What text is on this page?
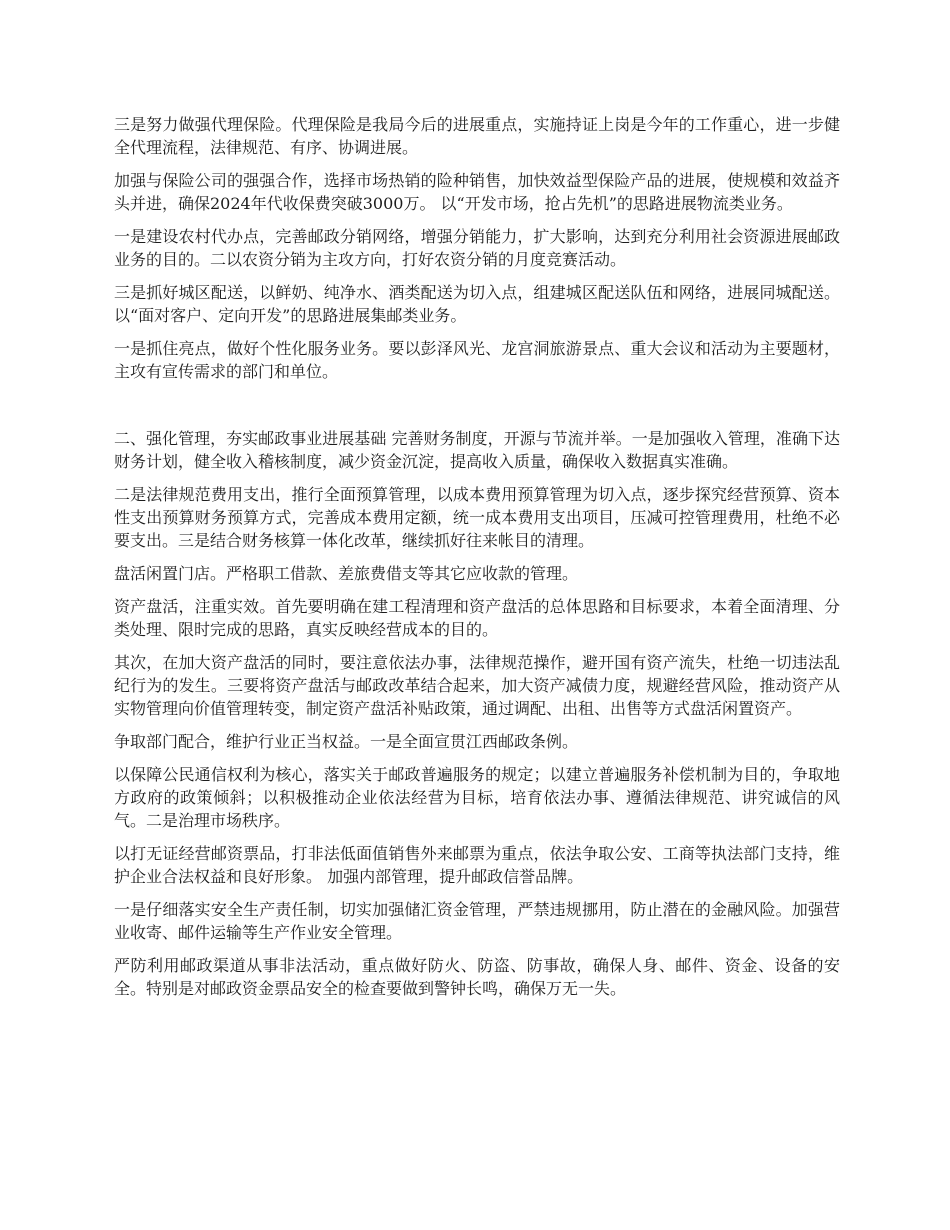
三是努力做强代理保险。代理保险是我局今后的进展重点，实施持证上岗是今年的工作重心，进一步健全代理流程，法律规范、有序、协调进展。

加强与保险公司的强强合作，选择市场热销的险种销售，加快效益型保险产品的进展，使规模和效益齐头并进，确保2024年代收保费突破3000万。 以“开发市场，抢占先机”的思路进展物流类业务。

一是建设农村代办点，完善邮政分销网络，增强分销能力，扩大影响，达到充分利用社会资源进展邮政业务的目的。二以农资分销为主攻方向，打好农资分销的月度竞赛活动。

三是抓好城区配送，以鲜奶、纯净水、酒类配送为切入点，组建城区配送队伍和网络，进展同城配送。 以“面对客户、定向开发”的思路进展集邮类业务。

一是抓住亮点，做好个性化服务业务。要以彭泽风光、龙宫洞旅游景点、重大会议和活动为主要题材，主攻有宣传需求的部门和单位。

二、强化管理，夯实邮政事业进展基础 完善财务制度，开源与节流并举。一是加强收入管理，准确下达财务计划，健全收入稽核制度，减少资金沉淀，提高收入质量，确保收入数据真实准确。

二是法律规范费用支出，推行全面预算管理，以成本费用预算管理为切入点，逐步探究经营预算、资本性支出预算财务预算方式，完善成本费用定额，统一成本费用支出项目，压减可控管理费用，杜绝不必要支出。三是结合财务核算一体化改革，继续抓好往来帐目的清理。

盘活闲置门店。严格职工借款、差旅费借支等其它应收款的管理。

资产盘活，注重实效。首先要明确在建工程清理和资产盘活的总体思路和目标要求，本着全面清理、分类处理、限时完成的思路，真实反映经营成本的目的。

其次，在加大资产盘活的同时，要注意依法办事，法律规范操作，避开国有资产流失，杜绝一切违法乱纪行为的发生。三要将资产盘活与邮政改革结合起来，加大资产减债力度，规避经营风险，推动资产从实物管理向价值管理转变，制定资产盘活补贴政策，通过调配、出租、出售等方式盘活闲置资产。

争取部门配合，维护行业正当权益。一是全面宣贯江西邮政条例。

以保障公民通信权利为核心，落实关于邮政普遍服务的规定；以建立普遍服务补偿机制为目的，争取地方政府的政策倾斜；以积极推动企业依法经营为目标，培育依法办事、遵循法律规范、讲究诚信的风气。二是治理市场秩序。

以打无证经营邮资票品，打非法低面值销售外来邮票为重点，依法争取公安、工商等执法部门支持，维护企业合法权益和良好形象。 加强内部管理，提升邮政信誉品牌。

一是仔细落实安全生产责任制，切实加强储汇资金管理，严禁违规挪用，防止潜在的金融风险。加强营业收寄、邮件运输等生产作业安全管理。

严防利用邮政渠道从事非法活动，重点做好防火、防盗、防事故，确保人身、邮件、资金、设备的安全。特别是对邮政资金票品安全的检查要做到警钟长鸣，确保万无一失。
